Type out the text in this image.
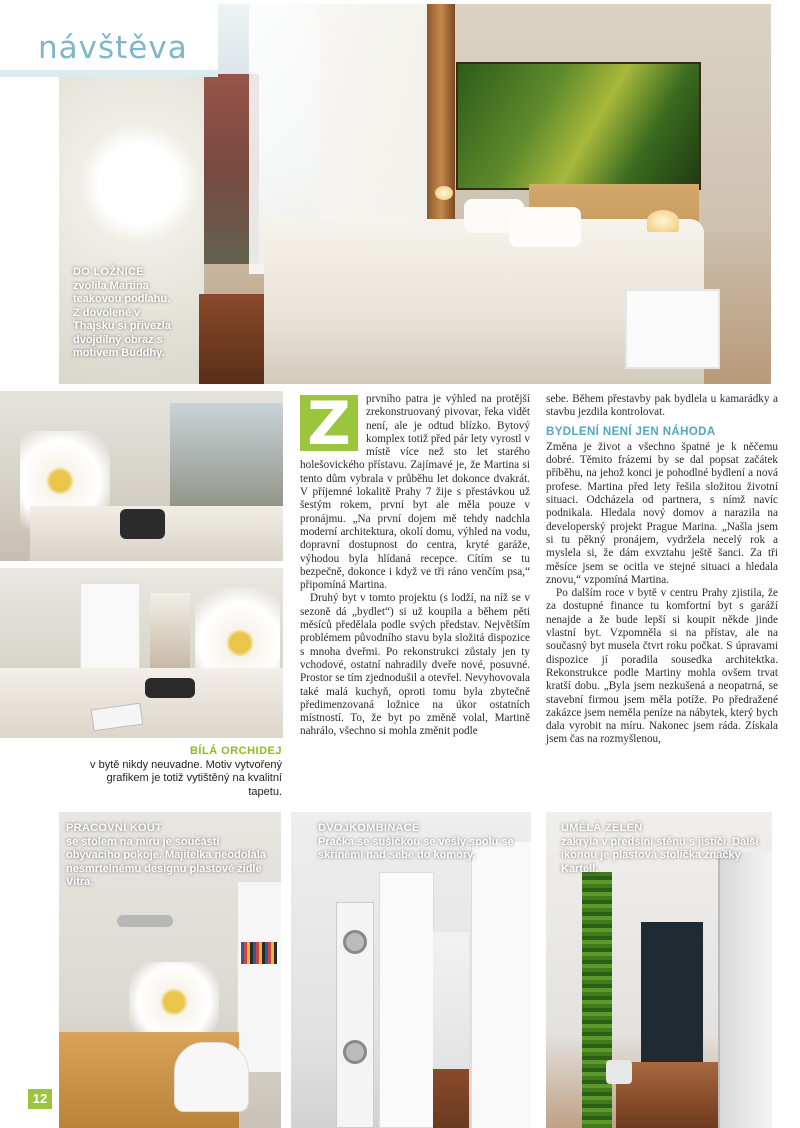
návštěva
DO LOŽNICE
zvolila Martina teakovou podlahu. Z dovolené v Thajsku si přivezla dvojdílný obraz s motivem Buddhy.
BÍLÁ ORCHIDEJ
v bytě nikdy neuvadne. Motiv vytvořený grafikem je totiž vytištěný na kvalitní tapetu.
Z	prvního patra je výhled na protější zrekonstruovaný pivovar, řeka vidět není, ale je odtud blízko. Bytový komplex totiž před pár lety vyrostl v místě více než sto let starého holešovického přístavu. Zajímavé je, že Martina si tento dům vybrala v průběhu let dokonce dvakrát. V příjemné lokalitě Prahy 7 žije s přestávkou už šestým rokem, první byt ale měla pouze v pronájmu. „Na první dojem mě tehdy nadchla moderní architektura, okolí domu, výhled na vodu, dopravní dostupnost do centra, kryté garáže, výhodou byla hlídaná recepce. Cítím se tu bezpečně, dokonce i když ve tři ráno venčím psa,“ připomíná Martina.

Druhý byt v tomto projektu (s lodží, na níž se v sezoně dá „bydlet“) si už koupila a během pěti měsíců předělala podle svých představ. Největším problémem původního stavu byla složitá dispozice s mnoha dveřmi. Po rekonstrukci zůstaly jen ty vchodové, ostatní nahradily dveře nové, posuvné. Prostor se tím zjednodušil a otevřel. Nevyhovovala také malá kuchyň, oproti tomu byla zbytečně předimenzovaná ložnice na úkor ostatních místností. To, že byt po změně volal, Martině nahrálo, všechno si mohla změnit podle

sebe. Během přestavby pak bydlela u kamarádky a stavbu jezdila kontrolovat.

BYDLENÍ NENÍ JEN NÁHODA

Změna je život a všechno špatné je k něčemu dobré. Těmito frázemi by se dal popsat začátek příběhu, na jehož konci je pohodlné bydlení a nová profese. Martina před lety řešila složitou životní situaci. Odcházela od partnera, s nímž navíc podnikala. Hledala nový domov a narazila na developerský projekt Prague Marina. „Našla jsem si tu pěkný pronájem, vydržela necelý rok a myslela si, že dám exvztahu ještě šanci. Za tři měsíce jsem se ocitla ve stejné situaci a hledala znovu,“ vzpomíná Martina.

Po dalším roce v bytě v centru Prahy zjistila, že za dostupné finance tu komfortní byt s garáží nenajde a že bude lepší si koupit někde jinde vlastní byt. Vzpomněla si na přístav, ale na současný byt musela čtvrt roku počkat. S úpravami dispozice jí poradila sousedka architektka. Rekonstrukce podle Martiny mohla ovšem trvat kratší dobu. „Byla jsem nezkušená a neopatrná, se stavební firmou jsem měla potíže. Po předražené zakázce jsem neměla peníze na nábytek, který bych dala vyrobit na míru. Nakonec jsem ráda. Získala jsem čas na rozmyšlenou,

PRACOVNÍ KOUT
se stolem na míru je součástí obývacího pokoje. Majitelka neodolala nesmrtelnému designu plastové židle Vitra.
DVOJKOMBINACE
Pračka se sušičkou se vešly spolu se skříněmi nad sebe do komory.
UMĚLÁ ZELEŇ
zakryla v předsíni stěnu s jističi. Další ikonou je plastová stolička značky Kartell.
12
